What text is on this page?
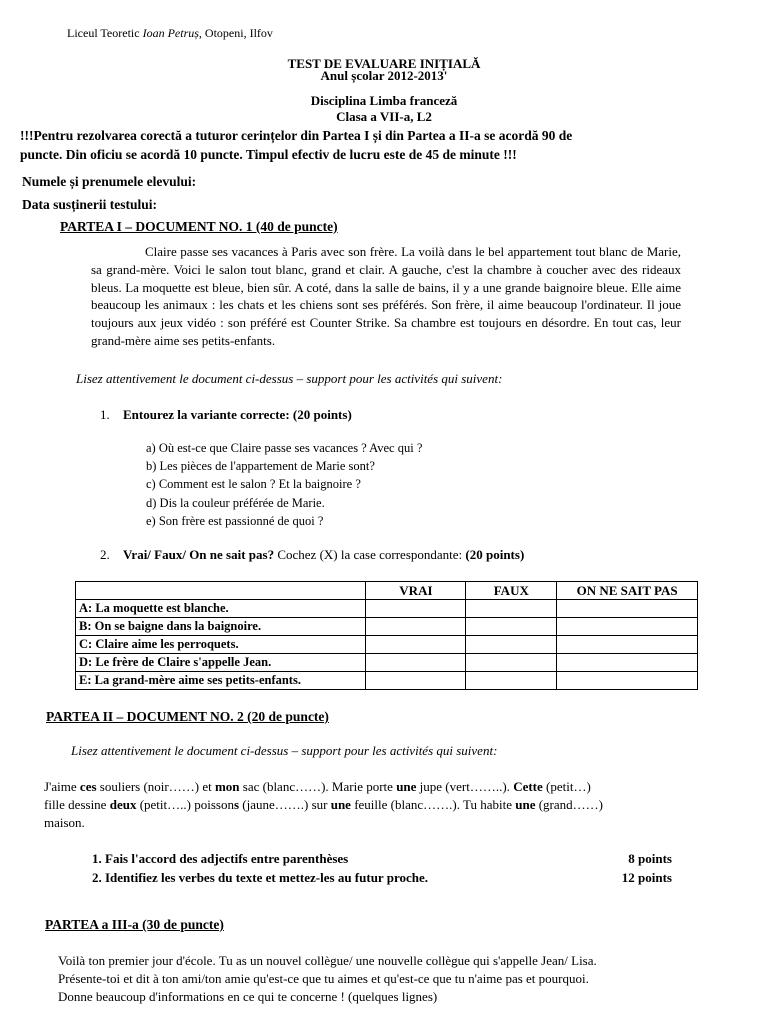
Liceul Teoretic Ioan Petruș, Otopeni, Ilfov
TEST DE EVALUARE INIȚIALĂ
Anul școlar 2012-2013'
Disciplina Limba franceză
Clasa a VII-a, L2
!!!Pentru rezolvarea corectă a tuturor cerințelor din Partea I și din Partea a II-a se acordă 90 de
puncte. Din oficiu se acordă 10 puncte. Timpul efectiv de lucru este de 45 de minute !!!
Numele și prenumele elevului:
Data susținerii testului:
PARTEA I – DOCUMENT NO. 1 (40 de puncte)
Claire passe ses vacances à Paris avec son frère. La voilà dans le bel appartement tout blanc de Marie, sa grand-mère. Voici le salon tout blanc, grand et clair. A gauche, c'est la chambre à coucher avec des rideaux bleus. La moquette est bleue, bien sûr. A coté, dans la salle de bains, il y a une grande baignoire bleue. Elle aime beaucoup les animaux : les chats et les chiens sont ses préférés. Son frère, il aime beaucoup l'ordinateur. Il joue toujours aux jeux vidéo : son préféré est Counter Strike. Sa chambre est toujours en désordre. En tout cas, leur grand-mère aime ses petits-enfants.
Lisez attentivement le document ci-dessus – support pour les activités qui suivent:
1. Entourez la variante correcte: (20 points)
a) Où est-ce que Claire passe ses vacances ? Avec qui ?
b) Les pièces de l'appartement de Marie sont?
c) Comment est le salon ? Et la baignoire ?
d) Dis la couleur préférée de Marie.
e) Son frère est passionné de quoi ?
2. Vrai/ Faux/ On ne sait pas? Cochez (X) la case correspondante: (20 points)
	VRAI	FAUX	ON NE SAIT PAS
A: La moquette est blanche.			
B: On se baigne dans la baignoire.			
C: Claire aime les perroquets.			
D: Le frère de Claire s'appelle Jean.			
E: La grand-mère aime ses petits-enfants.			
PARTEA II – DOCUMENT NO. 2 (20 de puncte)
Lisez attentivement le document ci-dessus – support pour les activités qui suivent:
J'aime ces souliers (noir……) et mon sac (blanc……). Marie porte une jupe (vert……..). Cette (petit…)
fille dessine deux (petit…..) poissons (jaune…….) sur une feuille (blanc…….). Tu habite une (grand……)
maison.
1. Fais l'accord des adjectifs entre parenthèses	8 points
2. Identifiez les verbes du texte et mettez-les au futur proche.	12 points
PARTEA a III-a (30 de puncte)
Voilà ton premier jour d'école. Tu as un nouvel collègue/ une nouvelle collègue qui s'appelle Jean/ Lisa.
Présente-toi et dit à ton ami/ton amie qu'est-ce que tu aimes et qu'est-ce que tu n'aime pas et pourquoi.
Donne beaucoup d'informations en ce qui te concerne ! (quelques lignes)
